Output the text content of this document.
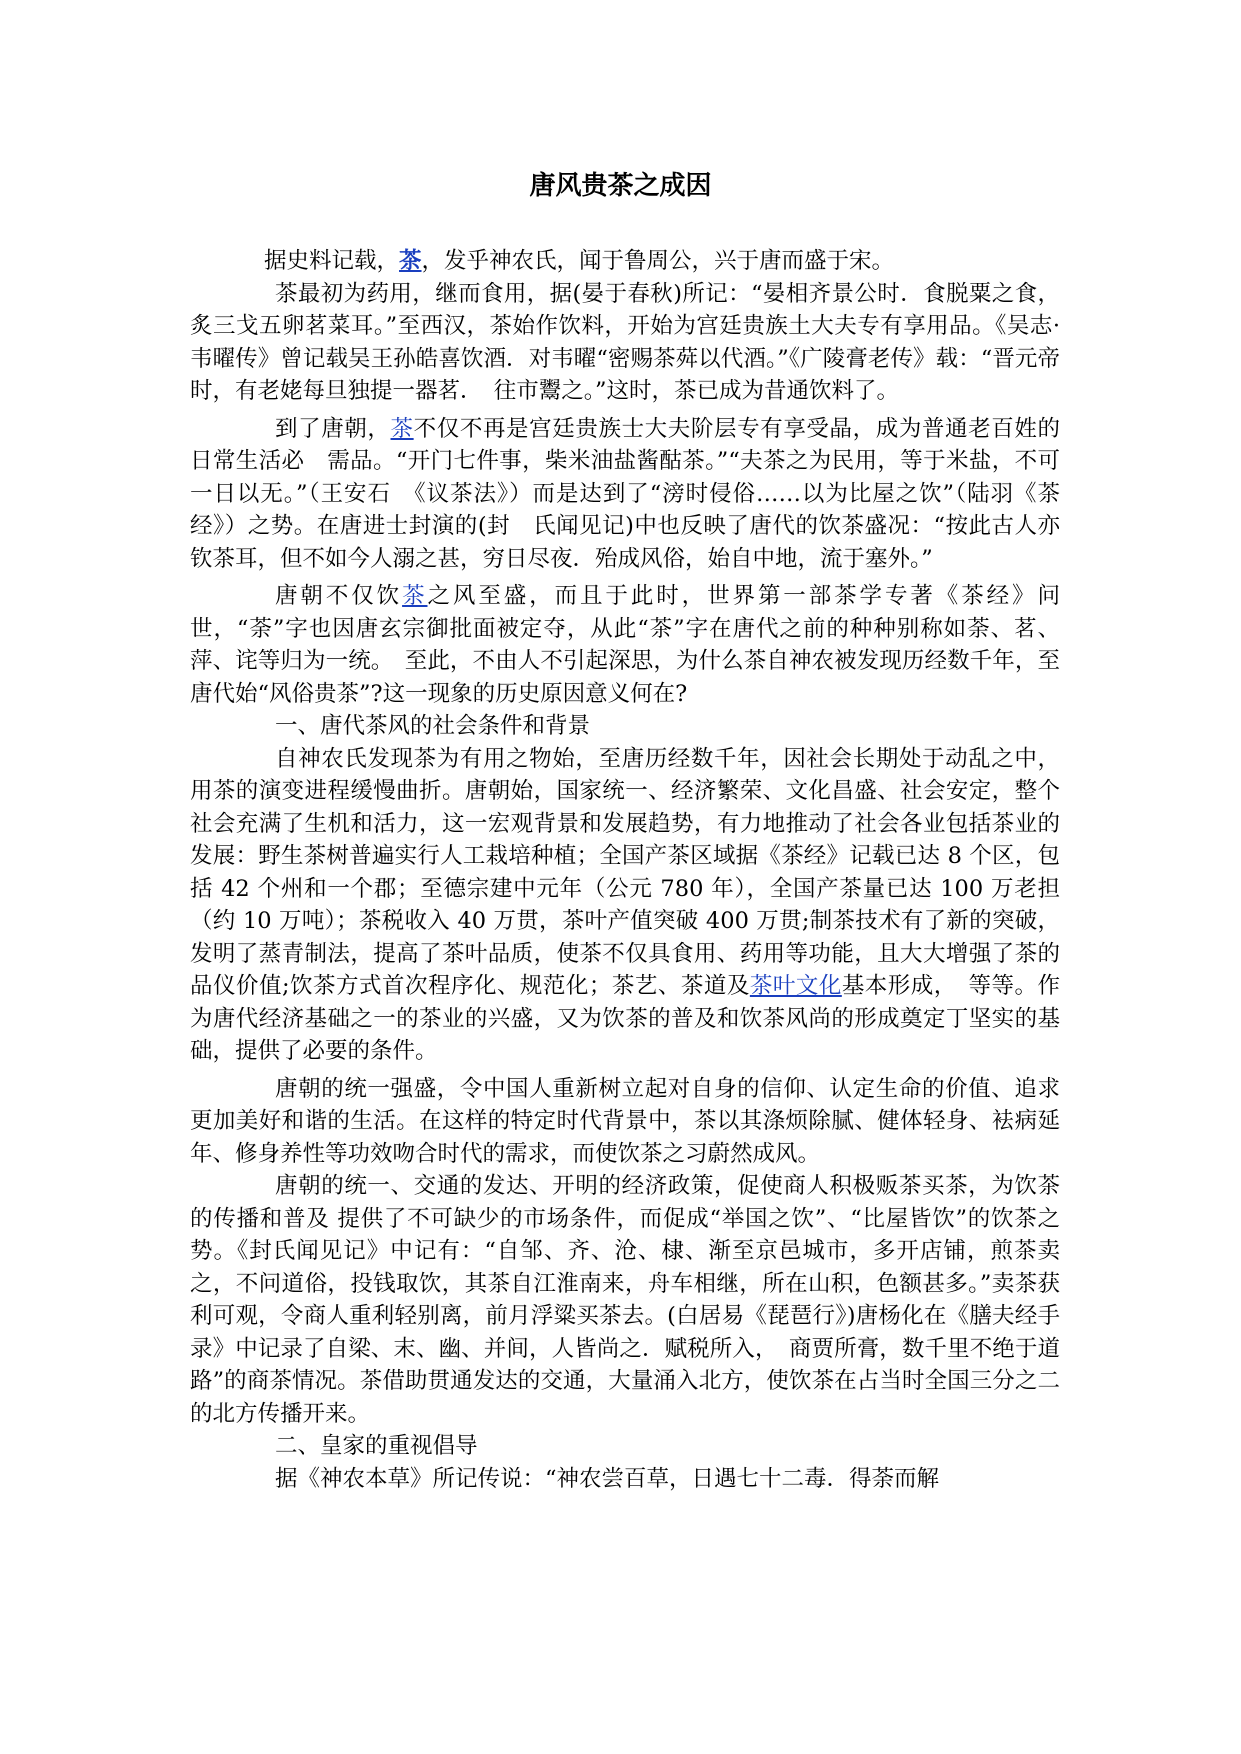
唐风贵茶之成因

据史料记载，茶，发乎神农氏，闻于鲁周公，兴于唐而盛于宋。

茶最初为药用，继而食用，据(晏于春秋)所记：“晏相齐景公时．食脱粟之食，炙三戈五卵茗菜耳。”至西汉，茶始作饮料，开始为宫廷贵族土大夫专有享用品。《吴志·韦曜传》曾记载吴王孙皓喜饮酒．对韦曜“密赐茶荈以代酒。”《广陵膏老传》载：“晋元帝时，有老姥每旦独提一器茗．　往市鬻之。”这时，茶已成为昔通饮料了。

到了唐朝，茶不仅不再是宫廷贵族士大夫阶层专有享受晶，成为普通老百姓的日常生活必　需品。“开门七件事，柴米油盐酱酤茶。”“夫茶之为民用，等于米盐，不可一日以无。”（王安石　《议茶法》）而是达到了“滂时侵俗……以为比屋之饮”（陆羽《茶经》）之势。在唐进士封演的(封　氏闻见记)中也反映了唐代的饮茶盛况：“按此古人亦钦茶耳，但不如今人溺之甚，穷日尽夜．殆成风俗，始自中地，流于塞外。”

唐朝不仅饮茶之风至盛，而且于此时，世界第一部茶学专著《茶经》问世，“荼”字也因唐玄宗御批面被定夺，从此“茶”字在唐代之前的种种别称如荼、茗、萍、诧等归为一统。　至此，不由人不引起深思，为什么茶自神农被发现历经数千年，至唐代始“风俗贵茶”?这一现象的历史原因意义何在?

一、唐代茶风的社会条件和背景

自神农氏发现茶为有用之物始，至唐历经数千年，因社会长期处于动乱之中，用茶的演变进程缓慢曲折。唐朝始，国家统一、经济繁荣、文化昌盛、社会安定，整个社会充满了生机和活力，这一宏观背景和发展趋势，有力地推动了社会各业包括茶业的发展：野生茶树普遍实行人工栽培种植；全国产茶区域据《茶经》记载已达 8 个区，包括 42 个州和一个郡；至德宗建中元年（公元 780 年），全国产茶量已达 100 万老担（约 10 万吨）；茶税收入 40 万贯，茶叶产值突破 400 万贯;制茶技术有了新的突破，发明了蒸青制法，提高了茶叶品质，使茶不仅具食用、药用等功能，且大大增强了茶的品仪价值;饮茶方式首次程序化、规范化；茶艺、茶道及茶叶文化基本形成，　等等。作为唐代经济基础之一的茶业的兴盛，又为饮茶的普及和饮茶风尚的形成奠定丁坚实的基础，提供了必要的条件。

唐朝的统一强盛，令中国人重新树立起对自身的信仰、认定生命的价值、追求更加美好和谐的生活。在这样的特定时代背景中，茶以其涤烦除腻、健体轻身、袪病延年、修身养性等功效吻合时代的需求，而使饮茶之习蔚然成风。

唐朝的统一、交通的发达、开明的经济政策，促使商人积极贩茶买茶，为饮茶的传播和普及 提供了不可缺少的市场条件，而促成“举国之饮”、“比屋皆饮”的饮茶之势。《封氏闻见记》中记有：“自邹、齐、沧、棣、渐至京邑城市，多开店铺，煎茶卖之，不问道俗，投钱取饮，其茶自江淮南来，舟车相继，所在山积，色额甚多。”卖茶获利可观，令商人重利轻别离，前月浮粱买茶去。(白居易《琵琶行》)唐杨化在《膳夫经手录》中记录了自梁、末、幽、并间，人皆尚之．赋税所入，　商贾所膏，数千里不绝于道路”的商茶情况。茶借助贯通发达的交通，大量涌入北方，使饮茶在占当时全国三分之二的北方传播开来。

二、皇家的重视倡导

据《神农本草》所记传说：“神农尝百草，日遇七十二毒．得荼而解
